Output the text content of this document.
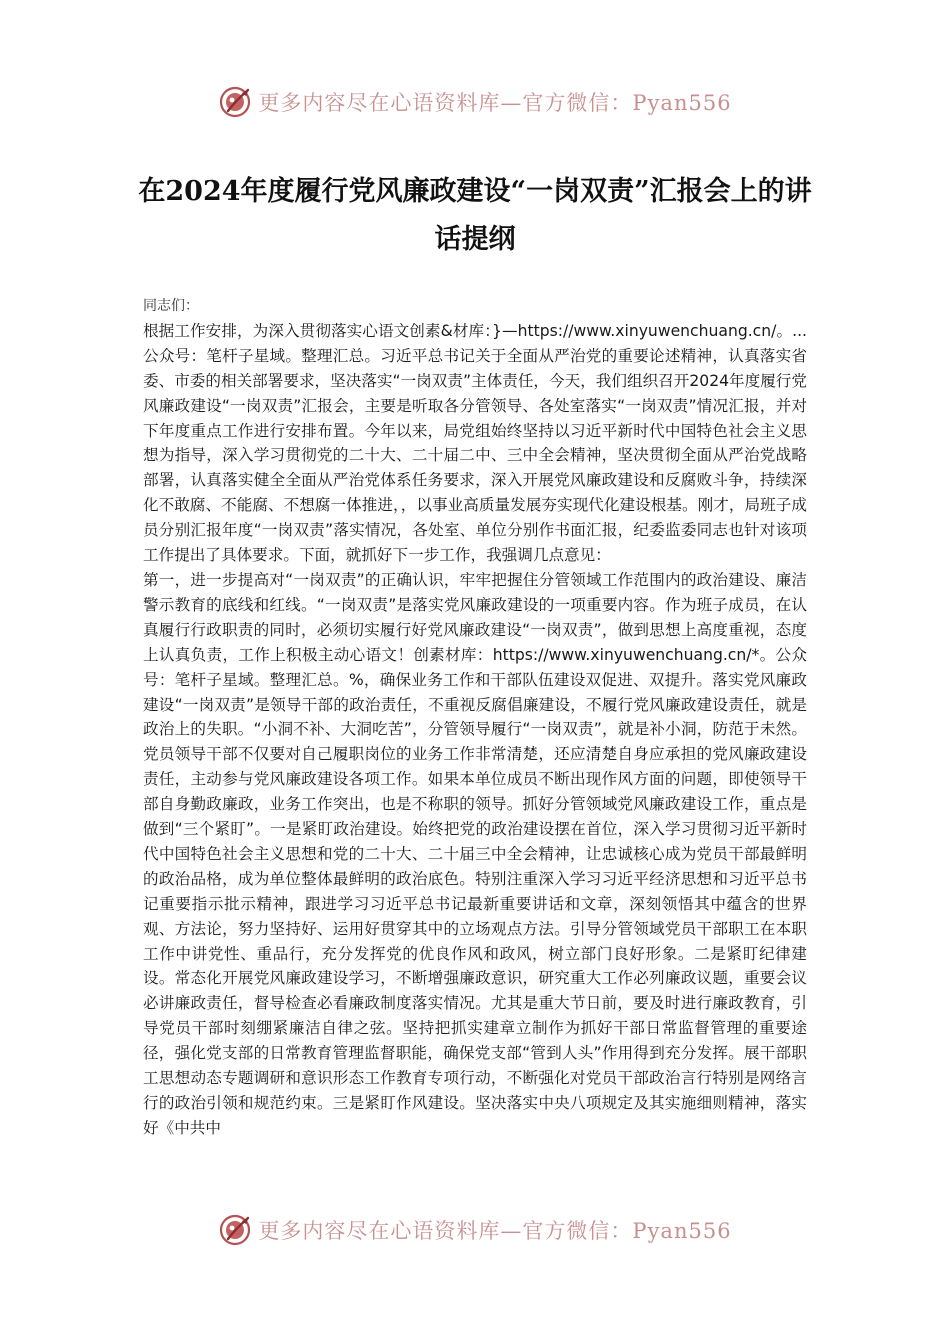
更多内容尽在心语资料库—官方微信：Pyan556
在2024年度履行党风廉政建设“一岗双责”汇报会上的讲话提纲

同志们：

根据工作安排，为深入贯彻落实心语文创素&材库：}—https://www.xinyuwenchuang.cn/。...公众号：笔杆子星域。整理汇总。习近平总书记关于全面从严治党的重要论述精神，认真落实省委、市委的相关部署要求，坚决落实“一岗双责”主体责任，今天，我们组织召开2024年度履行党风廉政建设“一岗双责”汇报会，主要是听取各分管领导、各处室落实“一岗双责”情况汇报，并对下年度重点工作进行安排布置。今年以来，局党组始终坚持以习近平新时代中国特色社会主义思想为指导，深入学习贯彻党的二十大、二十届二中、三中全会精神，坚决贯彻全面从严治党战略部署，认真落实健全全面从严治党体系任务要求，深入开展党风廉政建设和反腐败斗争，持续深化不敢腐、不能腐、不想腐一体推进，，以事业高质量发展夯实现代化建设根基。刚才，局班子成员分别汇报年度“一岗双责”落实情况，各处室、单位分别作书面汇报，纪委监委同志也针对该项工作提出了具体要求。下面，就抓好下一步工作，我强调几点意见：

第一，进一步提高对“一岗双责”的正确认识，牢牢把握住分管领域工作范围内的政治建设、廉洁警示教育的底线和红线。“一岗双责”是落实党风廉政建设的一项重要内容。作为班子成员，在认真履行行政职责的同时，必须切实履行好党风廉政建设“一岗双责”，做到思想上高度重视，态度上认真负责，工作上积极主动心语文！创素材库：https://www.xinyuwenchuang.cn/*。公众号：笔杆子星域。整理汇总。%，确保业务工作和干部队伍建设双促进、双提升。落实党风廉政建设“一岗双责”是领导干部的政治责任，不重视反腐倡廉建设，不履行党风廉政建设责任，就是政治上的失职。“小洞不补、大洞吃苦”，分管领导履行“一岗双责”，就是补小洞，防范于未然。党员领导干部不仅要对自己履职岗位的业务工作非常清楚，还应清楚自身应承担的党风廉政建设责任，主动参与党风廉政建设各项工作。如果本单位成员不断出现作风方面的问题，即使领导干部自身勤政廉政，业务工作突出，也是不称职的领导。抓好分管领域党风廉政建设工作，重点是做到“三个紧盯”。一是紧盯政治建设。始终把党的政治建设摆在首位，深入学习贯彻习近平新时代中国特色社会主义思想和党的二十大、二十届三中全会精神，让忠诚核心成为党员干部最鲜明的政治品格，成为单位整体最鲜明的政治底色。特别注重深入学习习近平经济思想和习近平总书记重要指示批示精神，跟进学习习近平总书记最新重要讲话和文章，深刻领悟其中蕴含的世界观、方法论，努力坚持好、运用好贯穿其中的立场观点方法。引导分管领域党员干部职工在本职工作中讲党性、重品行，充分发挥党的优良作风和政风，树立部门良好形象。二是紧盯纪律建设。常态化开展党风廉政建设学习，不断增强廉政意识，研究重大工作必列廉政议题，重要会议必讲廉政责任，督导检查必看廉政制度落实情况。尤其是重大节日前，要及时进行廉政教育，引导党员干部时刻绷紧廉洁自律之弦。坚持把抓实建章立制作为抓好干部日常监督管理的重要途径，强化党支部的日常教育管理监督职能，确保党支部“管到人头”作用得到充分发挥。展干部职工思想动态专题调研和意识形态工作教育专项行动，不断强化对党员干部政治言行特别是网络言行的政治引领和规范约束。三是紧盯作风建设。坚决落实中央八项规定及其实施细则精神，落实好《中共中

更多内容尽在心语资料库—官方微信：Pyan556
